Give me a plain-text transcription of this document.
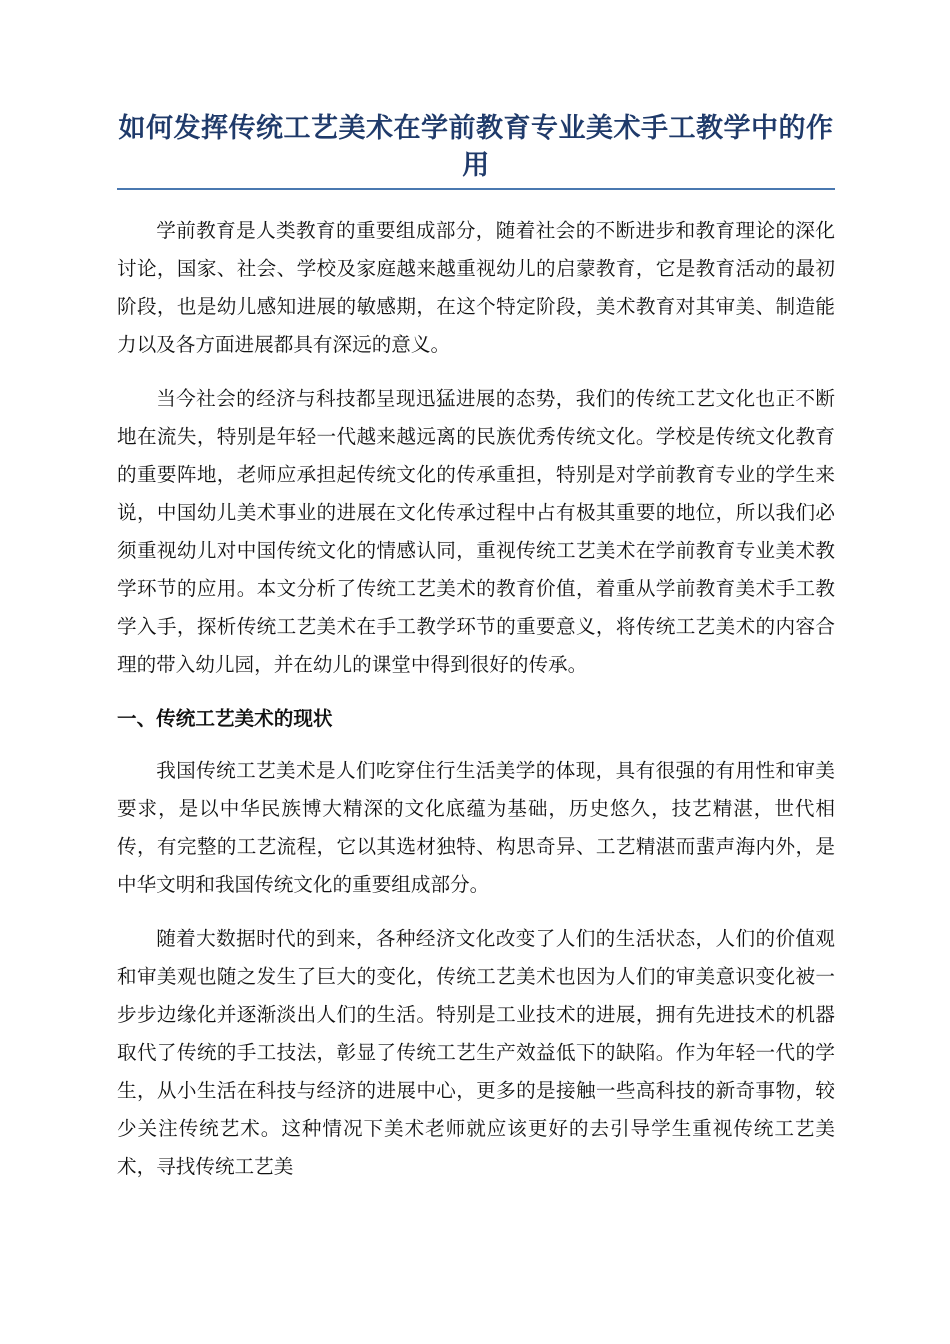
如何发挥传统工艺美术在学前教育专业美术手工教学中的作用

学前教育是人类教育的重要组成部分，随着社会的不断进步和教育理论的深化讨论，国家、社会、学校及家庭越来越重视幼儿的启蒙教育，它是教育活动的最初阶段，也是幼儿感知进展的敏感期，在这个特定阶段，美术教育对其审美、制造能力以及各方面进展都具有深远的意义。

当今社会的经济与科技都呈现迅猛进展的态势，我们的传统工艺文化也正不断地在流失，特别是年轻一代越来越远离的民族优秀传统文化。学校是传统文化教育的重要阵地，老师应承担起传统文化的传承重担，特别是对学前教育专业的学生来说，中国幼儿美术事业的进展在文化传承过程中占有极其重要的地位，所以我们必须重视幼儿对中国传统文化的情感认同，重视传统工艺美术在学前教育专业美术教学环节的应用。本文分析了传统工艺美术的教育价值，着重从学前教育美术手工教学入手，探析传统工艺美术在手工教学环节的重要意义，将传统工艺美术的内容合理的带入幼儿园，并在幼儿的课堂中得到很好的传承。

一、传统工艺美术的现状

我国传统工艺美术是人们吃穿住行生活美学的体现，具有很强的有用性和审美要求，是以中华民族博大精深的文化底蕴为基础，历史悠久，技艺精湛，世代相传，有完整的工艺流程，它以其选材独特、构思奇异、工艺精湛而蜚声海内外，是中华文明和我国传统文化的重要组成部分。

随着大数据时代的到来，各种经济文化改变了人们的生活状态，人们的价值观和审美观也随之发生了巨大的变化，传统工艺美术也因为人们的审美意识变化被一步步边缘化并逐渐淡出人们的生活。特别是工业技术的进展，拥有先进技术的机器取代了传统的手工技法，彰显了传统工艺生产效益低下的缺陷。作为年轻一代的学生，从小生活在科技与经济的进展中心，更多的是接触一些高科技的新奇事物，较少关注传统艺术。这种情况下美术老师就应该更好的去引导学生重视传统工艺美术，寻找传统工艺美
